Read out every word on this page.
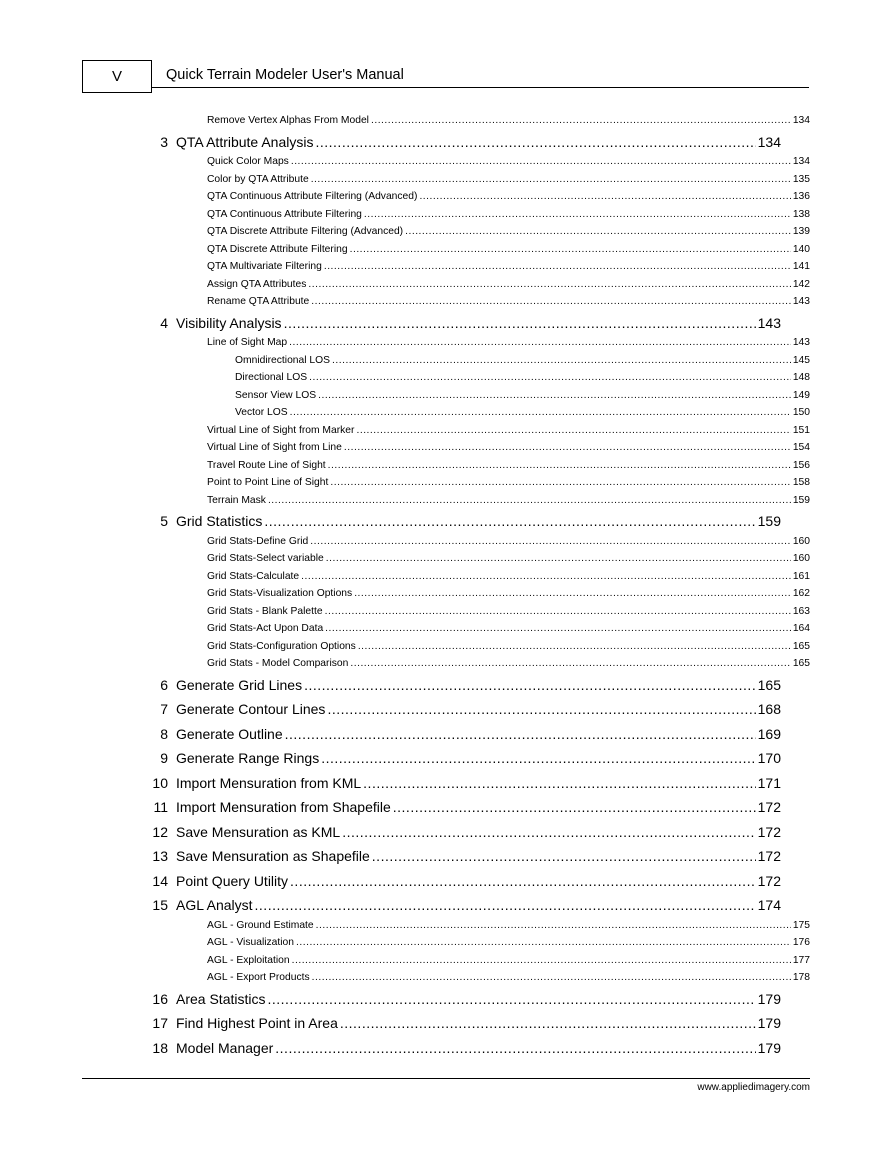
V	Quick Terrain Modeler User's Manual
Remove Vertex Alphas From Model .....	134
3 QTA Attribute Analysis .....	134
Quick Color Maps .....	134
Color by QTA Attribute .....	135
QTA Continuous Attribute Filtering (Advanced) .....	136
QTA Continuous Attribute Filtering .....	138
QTA Discrete Attribute Filtering (Advanced) .....	139
QTA Discrete Attribute Filtering .....	140
QTA Multivariate Filtering .....	141
Assign QTA Attributes .....	142
Rename QTA Attribute .....	143
4 Visibility Analysis .....	143
Line of Sight Map .....	143
Omnidirectional LOS .....	145
Directional LOS .....	148
Sensor View LOS .....	149
Vector LOS .....	150
Virtual Line of Sight from Marker .....	151
Virtual Line of Sight from Line .....	154
Travel Route Line of Sight .....	156
Point to Point Line of Sight .....	158
Terrain Mask .....	159
5 Grid Statistics .....	159
Grid Stats-Define Grid .....	160
Grid Stats-Select variable .....	160
Grid Stats-Calculate .....	161
Grid Stats-Visualization Options .....	162
Grid Stats - Blank Palette .....	163
Grid Stats-Act Upon Data .....	164
Grid Stats-Configuration Options .....	165
Grid Stats - Model Comparison .....	165
6 Generate Grid Lines .....	165
7 Generate Contour Lines .....	168
8 Generate Outline .....	169
9 Generate Range Rings .....	170
10 Import Mensuration from KML .....	171
11 Import Mensuration from Shapefile .....	172
12 Save Mensuration as KML .....	172
13 Save Mensuration as Shapefile .....	172
14 Point Query Utility .....	172
15 AGL Analyst .....	174
AGL - Ground Estimate .....	175
AGL - Visualization .....	176
AGL - Exploitation .....	177
AGL - Export Products .....	178
16 Area Statistics .....	179
17 Find Highest Point in Area .....	179
18 Model Manager .....	179
www.appliedimagery.com
